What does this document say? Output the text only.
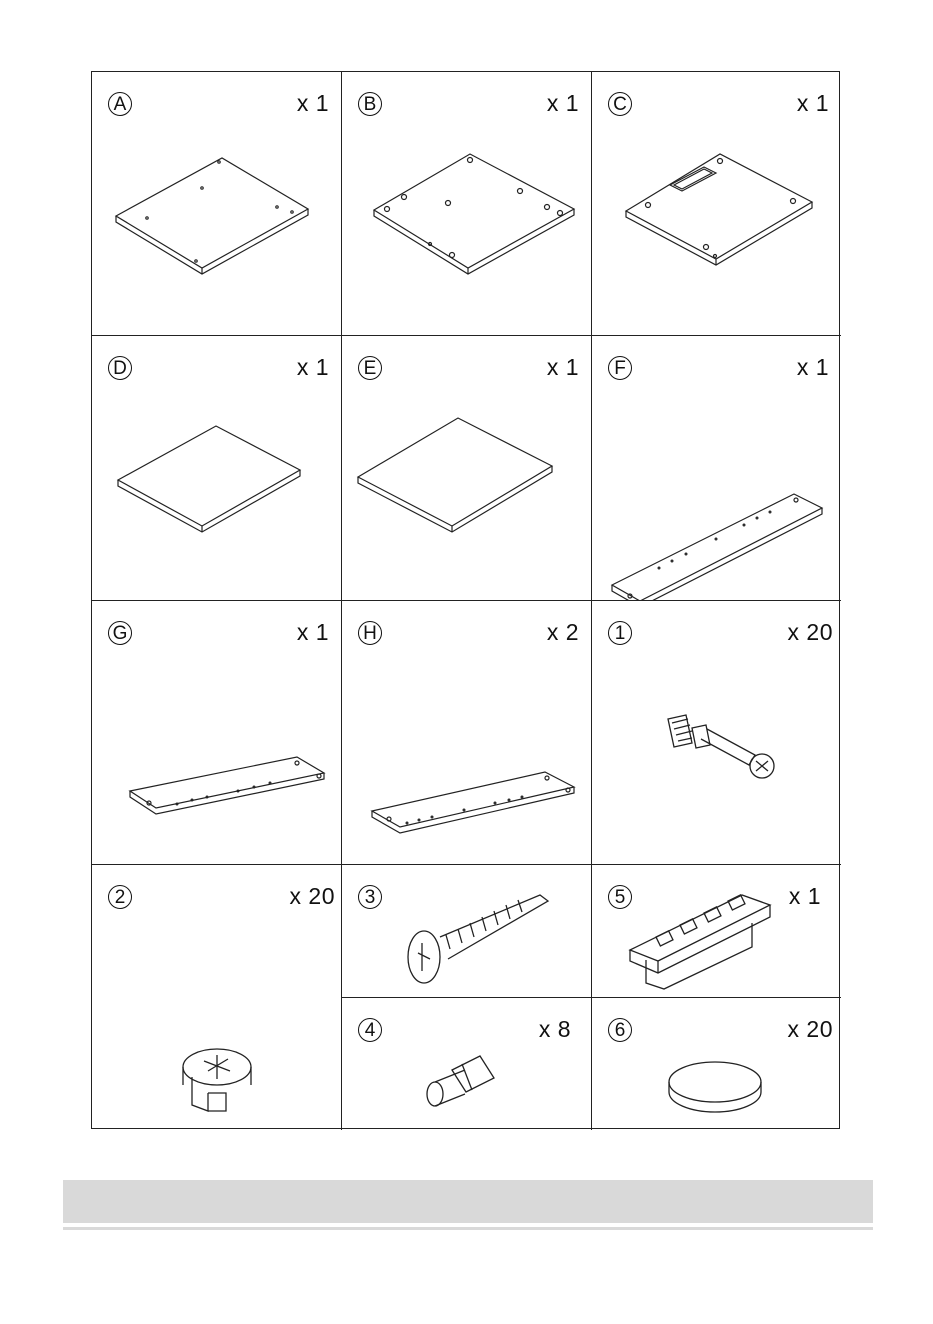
A	x 1 B	x 1 C	x 1
D	x 1 E	x 1	F	x 1
G	x 1 H	x 2	1	x 20
2	x 20	3	5	x 1
4	x 8	6	x 20
